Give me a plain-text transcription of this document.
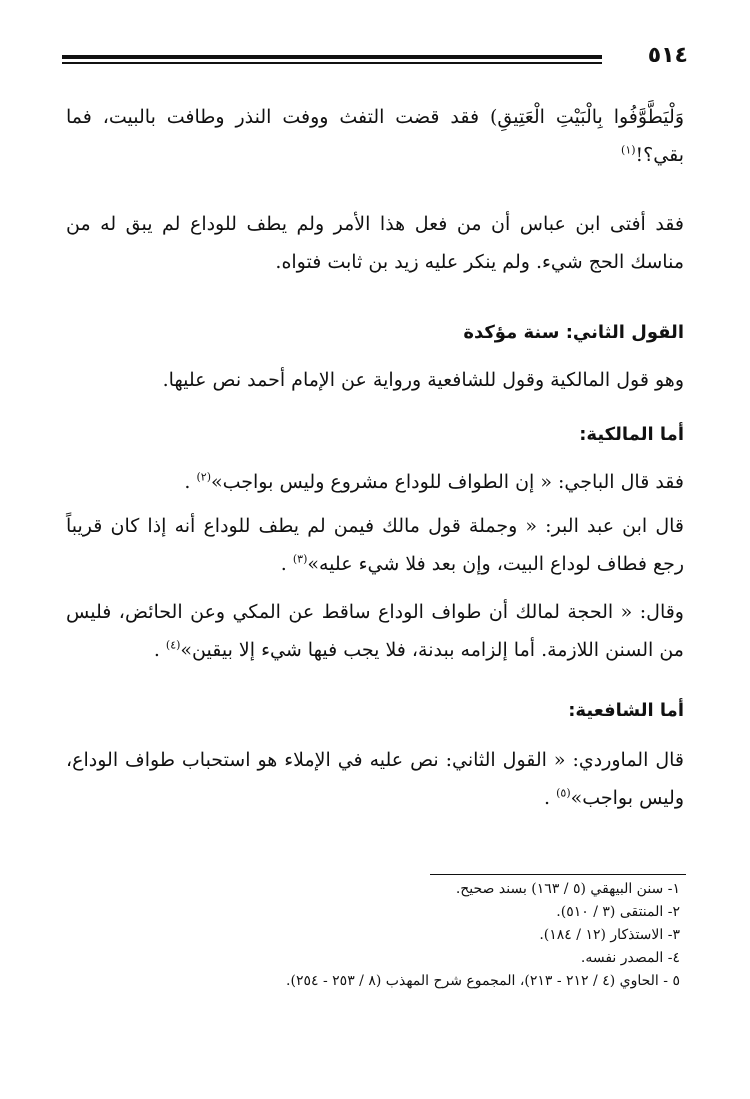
٥١٤

وَلْيَطَّوَّفُوا بِالْبَيْتِ الْعَتِيقِ) فقد قضت التفث ووفت النذر وطافت بالبيت، فما بقي؟!$^{(١)}$

فقد أفتى ابن عباس أن من فعل هذا الأمر ولم يطف للوداع لم يبق له من مناسك الحج شيء. ولم ينكر عليه زيد بن ثابت فتواه.

القول الثاني: سنة مؤكدة

وهو قول المالكية وقول للشافعية ورواية عن الإمام أحمد نص عليها.

أما المالكية:

فقد قال الباجي: « إن الطواف للوداع مشروع وليس بواجب»$^{(٢)}$ .

قال ابن عبد البر: « وجملة قول مالك فيمن لم يطف للوداع أنه إذا كان قريباً رجع فطاف لوداع البيت، وإن بعد فلا شيء عليه»$^{(٣)}$ .

وقال: « الحجة لمالك أن طواف الوداع ساقط عن المكي وعن الحائض، فليس من السنن اللازمة. أما إلزامه ببدنة، فلا يجب فيها شيء إلا بيقين»$^{(٤)}$ .

أما الشافعية:

قال الماوردي: « القول الثاني: نص عليه في الإملاء هو استحباب طواف الوداع، وليس بواجب»$^{(٥)}$ .

١- سنن البيهقي (٥ / ١٦٣) بسند صحيح.
٢- المنتقى (٣ / ٥١٠).
٣- الاستذكار (١٢ / ١٨٤).
٤- المصدر نفسه.
٥ - الحاوي (٤ / ٢١٢ - ٢١٣)، المجموع شرح المهذب (٨ / ٢٥٣ - ٢٥٤).
